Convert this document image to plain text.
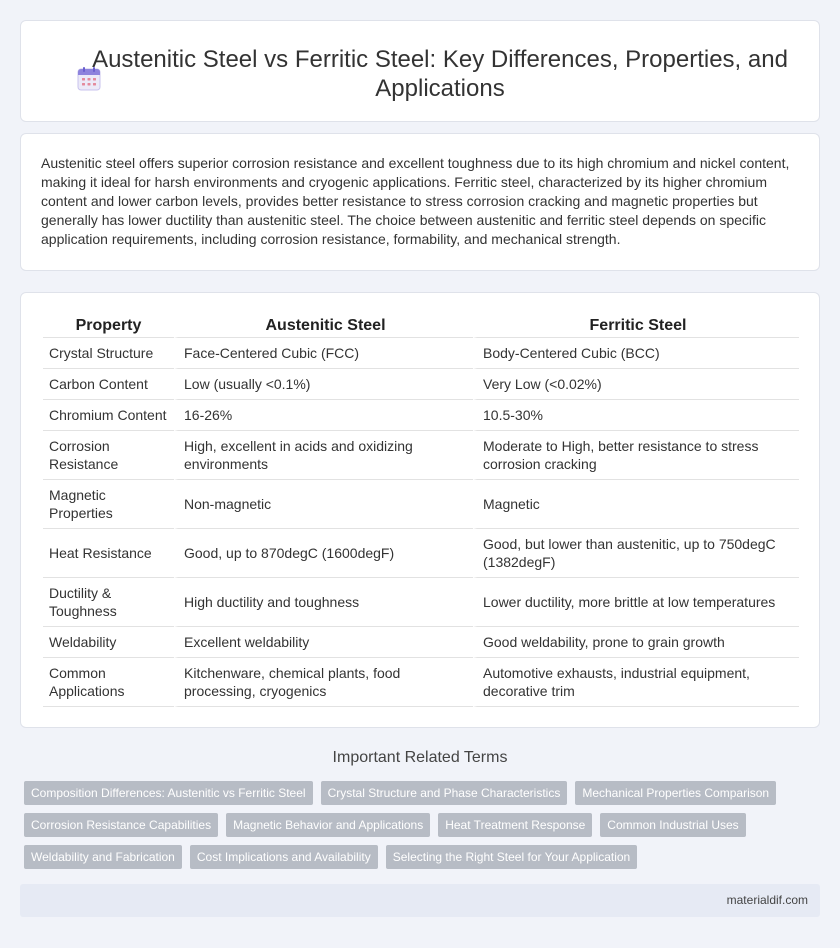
Austenitic Steel vs Ferritic Steel: Key Differences, Properties, and Applications

Austenitic steel offers superior corrosion resistance and excellent toughness due to its high chromium and nickel content, making it ideal for harsh environments and cryogenic applications. Ferritic steel, characterized by its higher chromium content and lower carbon levels, provides better resistance to stress corrosion cracking and magnetic properties but generally has lower ductility than austenitic steel. The choice between austenitic and ferritic steel depends on specific application requirements, including corrosion resistance, formability, and mechanical strength.

Property	Austenitic Steel	Ferritic Steel
Crystal Structure	Face-Centered Cubic (FCC)	Body-Centered Cubic (BCC)
Carbon Content	Low (usually <0.1%)	Very Low (<0.02%)
Chromium Content	16-26%	10.5-30%
Corrosion Resistance	High, excellent in acids and oxidizing environments	Moderate to High, better resistance to stress corrosion cracking
Magnetic Properties	Non-magnetic	Magnetic
Heat Resistance	Good, up to 870degC (1600degF)	Good, but lower than austenitic, up to 750degC (1382degF)
Ductility & Toughness	High ductility and toughness	Lower ductility, more brittle at low temperatures
Weldability	Excellent weldability	Good weldability, prone to grain growth
Common Applications	Kitchenware, chemical plants, food processing, cryogenics	Automotive exhausts, industrial equipment, decorative trim
Important Related Terms
Composition Differences: Austenitic vs Ferritic Steel	Crystal Structure and Phase Characteristics	Mechanical Properties Comparison
Corrosion Resistance Capabilities	Magnetic Behavior and Applications	Heat Treatment Response	Common Industrial Uses
Weldability and Fabrication	Cost Implications and Availability	Selecting the Right Steel for Your Application
materialdif.com
